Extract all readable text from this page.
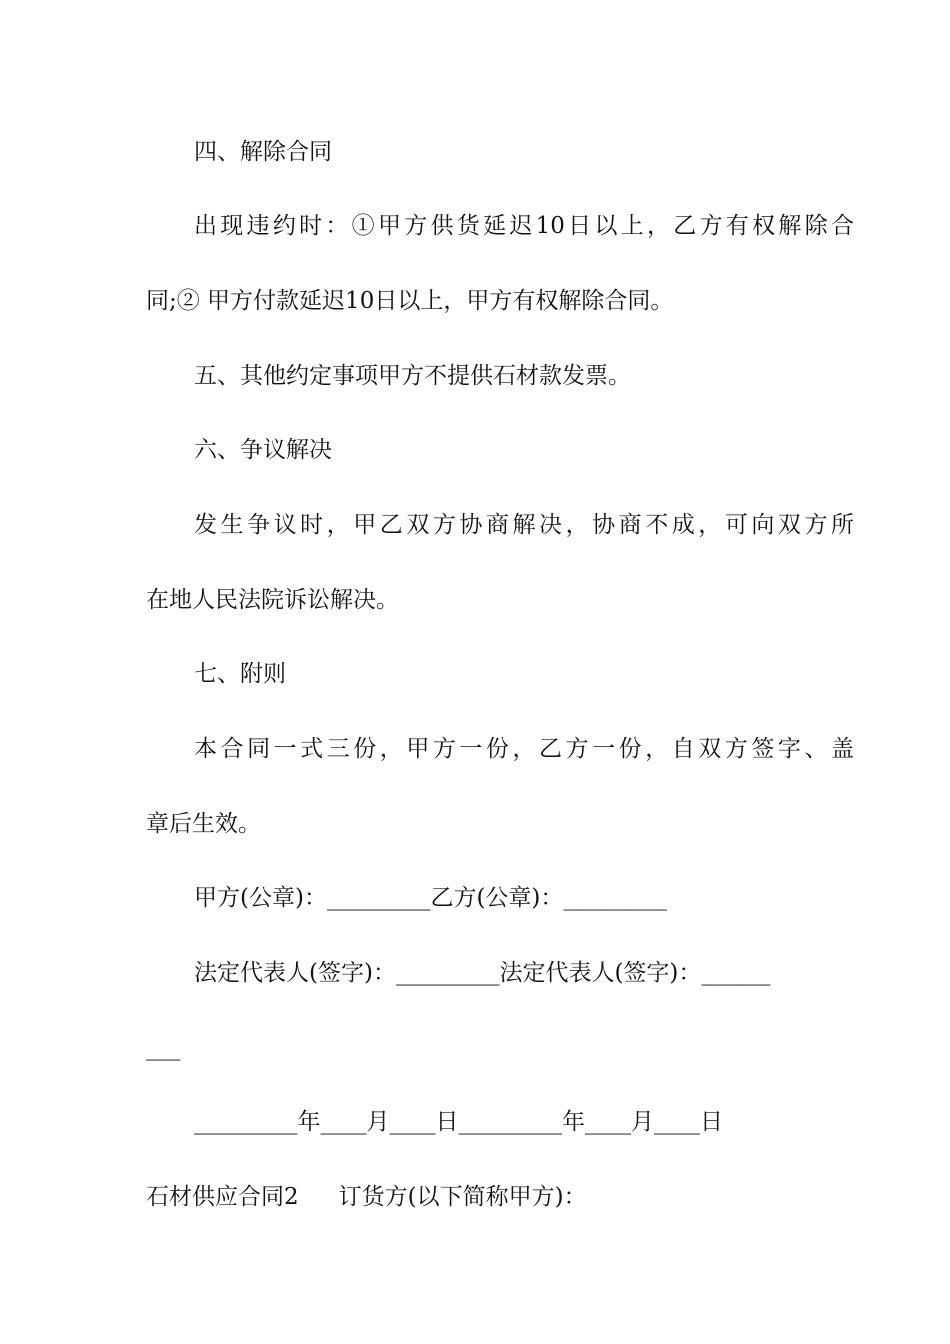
四、解除合同
出现违约时：①甲方供货延迟10日以上，乙方有权解除合
同;② 甲方付款延迟10日以上，甲方有权解除合同。
五、其他约定事项甲方不提供石材款发票。
六、争议解决
发生争议时，甲乙双方协商解决，协商不成，可向双方所
在地人民法院诉讼解决。
七、附则
本合同一式三份，甲方一份，乙方一份，自双方签字、盖
章后生效。
甲方(公章)：_________乙方(公章)：_________
法定代表人(签字)：_________法定代表人(签字)：______
___
_________年____月____日_________年____月____日
石材供应合同2 订货方(以下简称甲方)：
